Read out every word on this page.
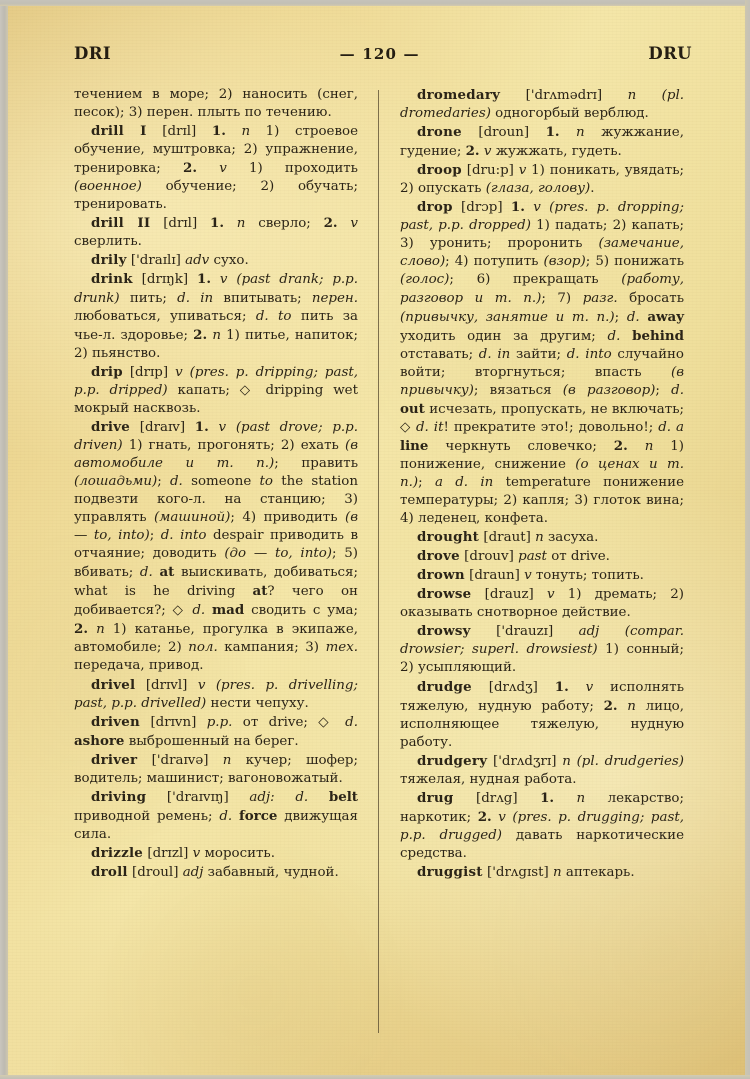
DRI	— 120 —	DRU

течением в море; 2) наносить (снег, песок); 3) перен. плыть по течению.

drill I [drɪl] 1. n 1) строевое обучение, муштровка; 2) упражнение, тренировка; 2. v 1) проходить (военное) обучение; 2) обучать; тренировать.

drill II [drɪl] 1. n сверло; 2. v сверлить.

drily ['draɪlɪ] adv сухо.

drink [drɪŋk] 1. v (past drank; p.p. drunk) пить; d. in впитывать; перен. любоваться, упиваться; d. to пить за чье-л. здоровье; 2. n 1) питье, напиток; 2) пьянство.

drip [drɪp] v (pres. p. dripping; past, p.p. dripped) капать; ◇ dripping wet мокрый насквозь.

drive [draɪv] 1. v (past drove; p.p. driven) 1) гнать, прогонять; 2) ехать (в автомобиле и т. п.); править (лошадьми); d. someone to the station подвезти кого-л. на станцию; 3) управлять (машиной); 4) приводить (в — to, into); d. into despair приводить в отчаяние; доводить (до — to, into); 5) вбивать; d. at выискивать, добиваться; what is he driving at? чего он добивается?; ◇ d. mad сводить с ума; 2. n 1) катанье, прогулка в экипаже, автомобиле; 2) пол. кампания; 3) тех. передача, привод.

drivel [drɪvl] v (pres. p. drivelling; past, p.p. drivelled) нести чепуху.

driven [drɪvn] p.p. от drive; ◇ d. ashore выброшенный на берег.

driver ['draɪvə] n кучер; шофер; водитель; машинист; вагоновожатый.

driving ['draɪvɪŋ] adj: d. belt приводной ремень; d. force движущая сила.

drizzle [drɪzl] v моросить.

droll [droul] adj забавный, чудной.

dromedary ['drʌmədrɪ] n (pl. dromedaries) одногорбый верблюд.

drone [droun] 1. n жужжание, гудение; 2. v жужжать, гудеть.

droop [dru:p] v 1) поникать, увядать; 2) опускать (глаза, голову).

drop [drɔp] 1. v (pres. p. dropping; past, p.p. dropped) 1) падать; 2) капать; 3) уронить; проронить (замечание, слово); 4) потупить (взор); 5) понижать (голос); 6) прекращать (работу, разговор и т. п.); 7) разг. бросать (привычку, занятие и т. п.); d. away уходить один за другим; d. behind отставать; d. in зайти; d. into случайно войти; вторгнуться; впасть (в привычку); вязаться (в разговор); d. out исчезать, пропускать, не включать; ◇ d. it! прекратите это!; довольно!; d. a line черкнуть словечко; 2. n 1) понижение, снижение (о ценах и т. п.); a d. in temperature понижение температуры; 2) капля; 3) глоток вина; 4) леденец, конфета.

drought [draut] n засуха.

drove [drouv] past от drive.

drown [draun] v тонуть; топить.

drowse [drauz] v 1) дремать; 2) оказывать снотворное действие.

drowsy ['drauzɪ] adj (compar. drowsier; superl. drowsiest) 1) сонный; 2) усыпляющий.

drudge [drʌdʒ] 1. v исполнять тяжелую, нудную работу; 2. n лицо, исполняющее тяжелую, нудную работу.

drudgery ['drʌdʒrɪ] n (pl. drudgeries) тяжелая, нудная работа.

drug [drʌg] 1. n лекарство; наркотик; 2. v (pres. p. drugging; past, p.p. drugged) давать наркотические средства.

druggist ['drʌgɪst] n аптекарь.
